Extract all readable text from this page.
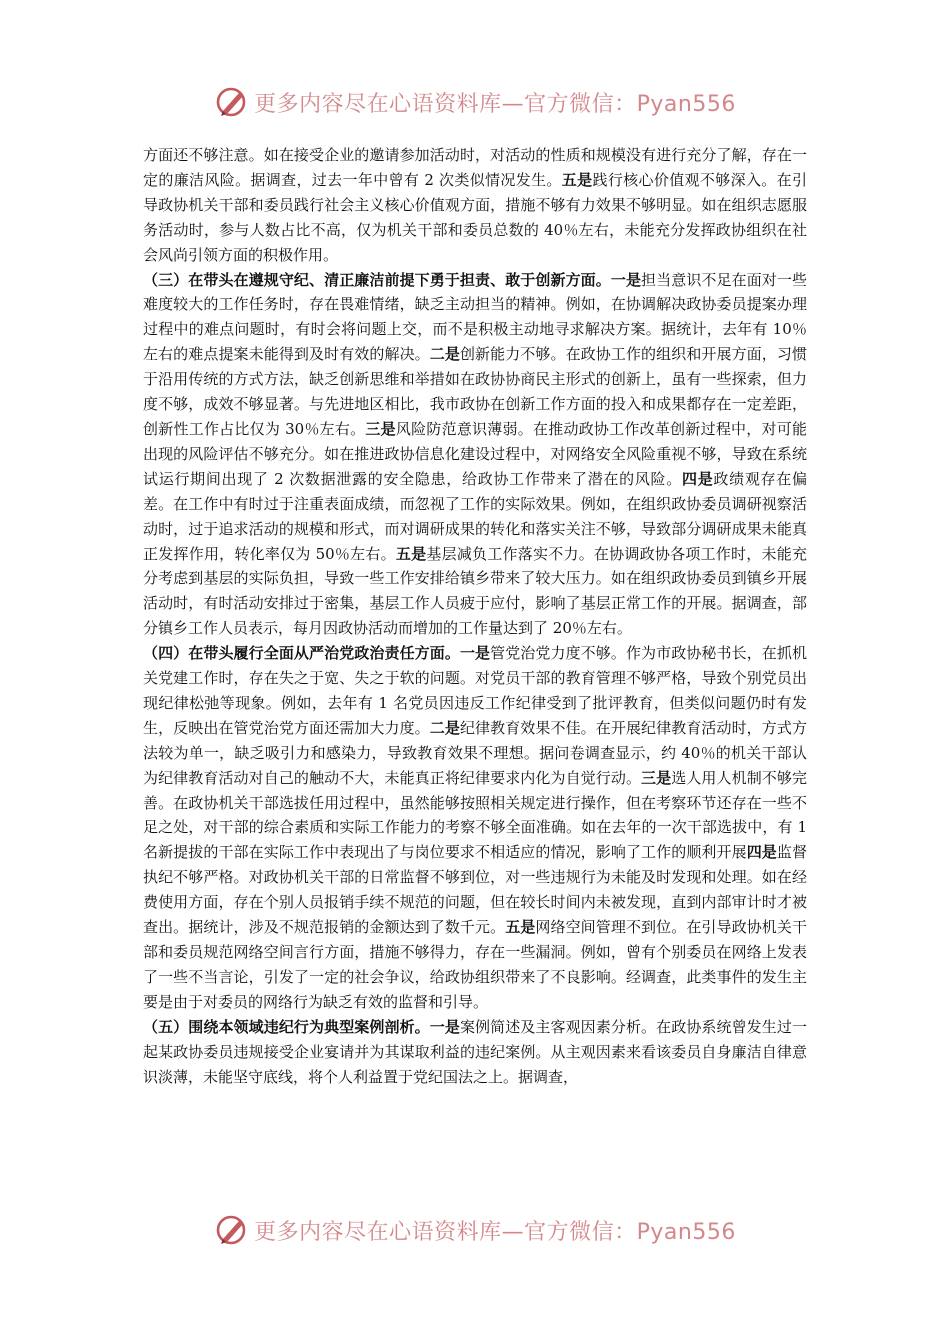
更多内容尽在心语资料库—官方微信：Pyan556

方面还不够注意。如在接受企业的邀请参加活动时，对活动的性质和规模没有进行充分了解，存在一定的廉洁风险。据调查，过去一年中曾有 2 次类似情况发生。五是践行核心价值观不够深入。在引导政协机关干部和委员践行社会主义核心价值观方面，措施不够有力效果不够明显。如在组织志愿服务活动时，参与人数占比不高，仅为机关干部和委员总数的 40％左右，未能充分发挥政协组织在社会风尚引领方面的积极作用。

（三）在带头在遵规守纪、清正廉洁前提下勇于担责、敢于创新方面。一是担当意识不足在面对一些难度较大的工作任务时，存在畏难情绪，缺乏主动担当的精神。例如，在协调解决政协委员提案办理过程中的难点问题时，有时会将问题上交，而不是积极主动地寻求解决方案。据统计，去年有 10％左右的难点提案未能得到及时有效的解决。二是创新能力不够。在政协工作的组织和开展方面，习惯于沿用传统的方式方法，缺乏创新思维和举措如在政协协商民主形式的创新上，虽有一些探索，但力度不够，成效不够显著。与先进地区相比，我市政协在创新工作方面的投入和成果都存在一定差距，创新性工作占比仅为 30％左右。三是风险防范意识薄弱。在推动政协工作改革创新过程中，对可能出现的风险评估不够充分。如在推进政协信息化建设过程中，对网络安全风险重视不够，导致在系统试运行期间出现了 2 次数据泄露的安全隐患，给政协工作带来了潜在的风险。四是政绩观存在偏差。在工作中有时过于注重表面成绩，而忽视了工作的实际效果。例如，在组织政协委员调研视察活动时，过于追求活动的规模和形式，而对调研成果的转化和落实关注不够，导致部分调研成果未能真正发挥作用，转化率仅为 50％左右。五是基层减负工作落实不力。在协调政协各项工作时，未能充分考虑到基层的实际负担，导致一些工作安排给镇乡带来了较大压力。如在组织政协委员到镇乡开展活动时，有时活动安排过于密集，基层工作人员疲于应付，影响了基层正常工作的开展。据调查，部分镇乡工作人员表示，每月因政协活动而增加的工作量达到了 20％左右。

（四）在带头履行全面从严治党政治责任方面。一是管党治党力度不够。作为市政协秘书长，在抓机关党建工作时，存在失之于宽、失之于软的问题。对党员干部的教育管理不够严格，导致个别党员出现纪律松弛等现象。例如，去年有 1 名党员因违反工作纪律受到了批评教育，但类似问题仍时有发生，反映出在管党治党方面还需加大力度。二是纪律教育效果不佳。在开展纪律教育活动时，方式方法较为单一，缺乏吸引力和感染力，导致教育效果不理想。据问卷调查显示，约 40％的机关干部认为纪律教育活动对自己的触动不大，未能真正将纪律要求内化为自觉行动。三是选人用人机制不够完善。在政协机关干部选拔任用过程中，虽然能够按照相关规定进行操作，但在考察环节还存在一些不足之处，对干部的综合素质和实际工作能力的考察不够全面准确。如在去年的一次干部选拔中，有 1 名新提拔的干部在实际工作中表现出了与岗位要求不相适应的情况，影响了工作的顺利开展四是监督执纪不够严格。对政协机关干部的日常监督不够到位，对一些违规行为未能及时发现和处理。如在经费使用方面，存在个别人员报销手续不规范的问题，但在较长时间内未被发现，直到内部审计时才被查出。据统计，涉及不规范报销的金额达到了数千元。五是网络空间管理不到位。在引导政协机关干部和委员规范网络空间言行方面，措施不够得力，存在一些漏洞。例如，曾有个别委员在网络上发表了一些不当言论，引发了一定的社会争议，给政协组织带来了不良影响。经调查，此类事件的发生主要是由于对委员的网络行为缺乏有效的监督和引导。

（五）围绕本领域违纪行为典型案例剖析。一是案例简述及主客观因素分析。在政协系统曾发生过一起某政协委员违规接受企业宴请并为其谋取利益的违纪案例。从主观因素来看该委员自身廉洁自律意识淡薄，未能坚守底线，将个人利益置于党纪国法之上。据调查，

更多内容尽在心语资料库—官方微信：Pyan556
